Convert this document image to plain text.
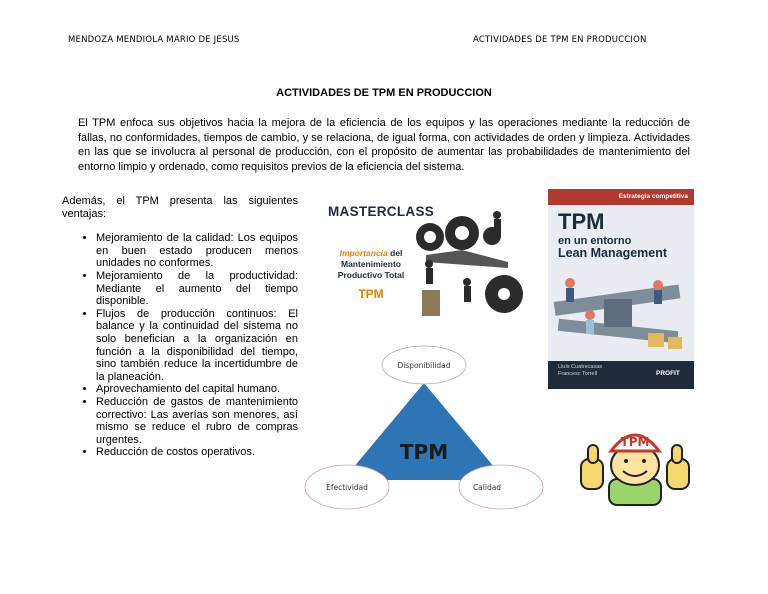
MENDOZA MENDIOLA MARIO DE JESUS	ACTIVIDADES DE TPM EN PRODUCCION
ACTIVIDADES DE TPM EN PRODUCCION

El TPM enfoca sus objetivos hacia la mejora de la eficiencia de los equipos y las operaciones mediante la reducción de fallas, no conformidades, tiempos de cambio, y se relaciona, de igual forma, con actividades de orden y limpieza. Actividades en las que se involucra al personal de producción, con el propósito de aumentar las probabilidades de mantenimiento del entorno limpio y ordenado, como requisitos previos de la eficiencia del sistema.

Además, el TPM presenta las siguientes ventajas:

• Mejoramiento de la calidad: Los equipos en buen estado producen menos unidades no conformes.
• Mejoramiento de la productividad: Mediante el aumento del tiempo disponible.
• Flujos de producción continuos: El balance y la continuidad del sistema no solo benefician a la organización en función a la disponibilidad del tiempo, sino también reduce la incertidumbre de la planeación.
• Aprovechamiento del capital humano.
• Reducción de gastos de mantenimiento correctivo: Las averías son menores, así mismo se reduce el rubro de compras urgentes.
• Reducción de costos operativos.
MASTERCLASS
Importancia del Mantenimiento Productivo Total
TPM
Estrategia competitiva
TPM
en un entorno
Lean Management
Lluís Cuatrecasas
Francesc Torrell	PROFIT
Disponibilidad
Efectividad	Calidad
TPM	TPM
